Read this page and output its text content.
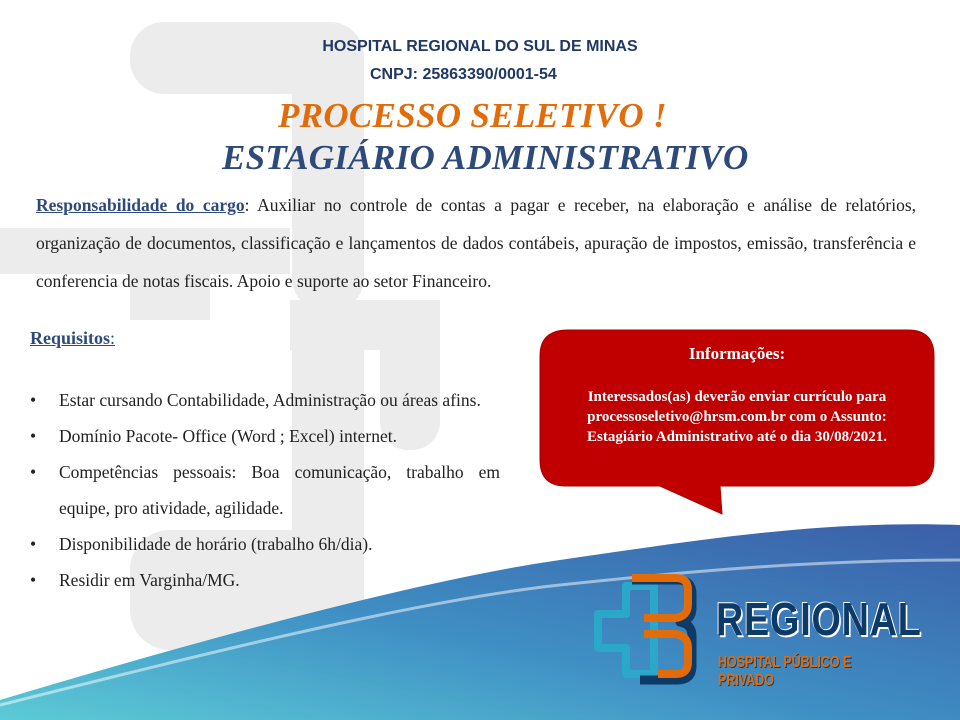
HOSPITAL REGIONAL DO SUL DE MINAS
CNPJ: 25863390/0001-54
PROCESSO SELETIVO !
ESTAGIÁRIO ADMINISTRATIVO
Responsabilidade do cargo: Auxiliar no controle de contas a pagar e receber, na elaboração e análise de relatórios, organização de documentos, classificação e lançamentos de dados contábeis, apuração de impostos, emissão, transferência e conferencia de notas fiscais. Apoio e suporte ao setor Financeiro.
Requisitos:
• Estar cursando Contabilidade, Administração ou áreas afins.
• Domínio Pacote- Office (Word ; Excel) internet.
• Competências pessoais: Boa comunicação, trabalho em equipe, pro atividade, agilidade.
• Disponibilidade de horário (trabalho 6h/dia).
• Residir em Varginha/MG.
Informações:
Interessados(as) deverão enviar currículo para processoseletivo@hrsm.com.br com o Assunto: Estagiário Administrativo até o dia 30/08/2021.
REGIONAL
HOSPITAL PÚBLICO E PRIVADO
